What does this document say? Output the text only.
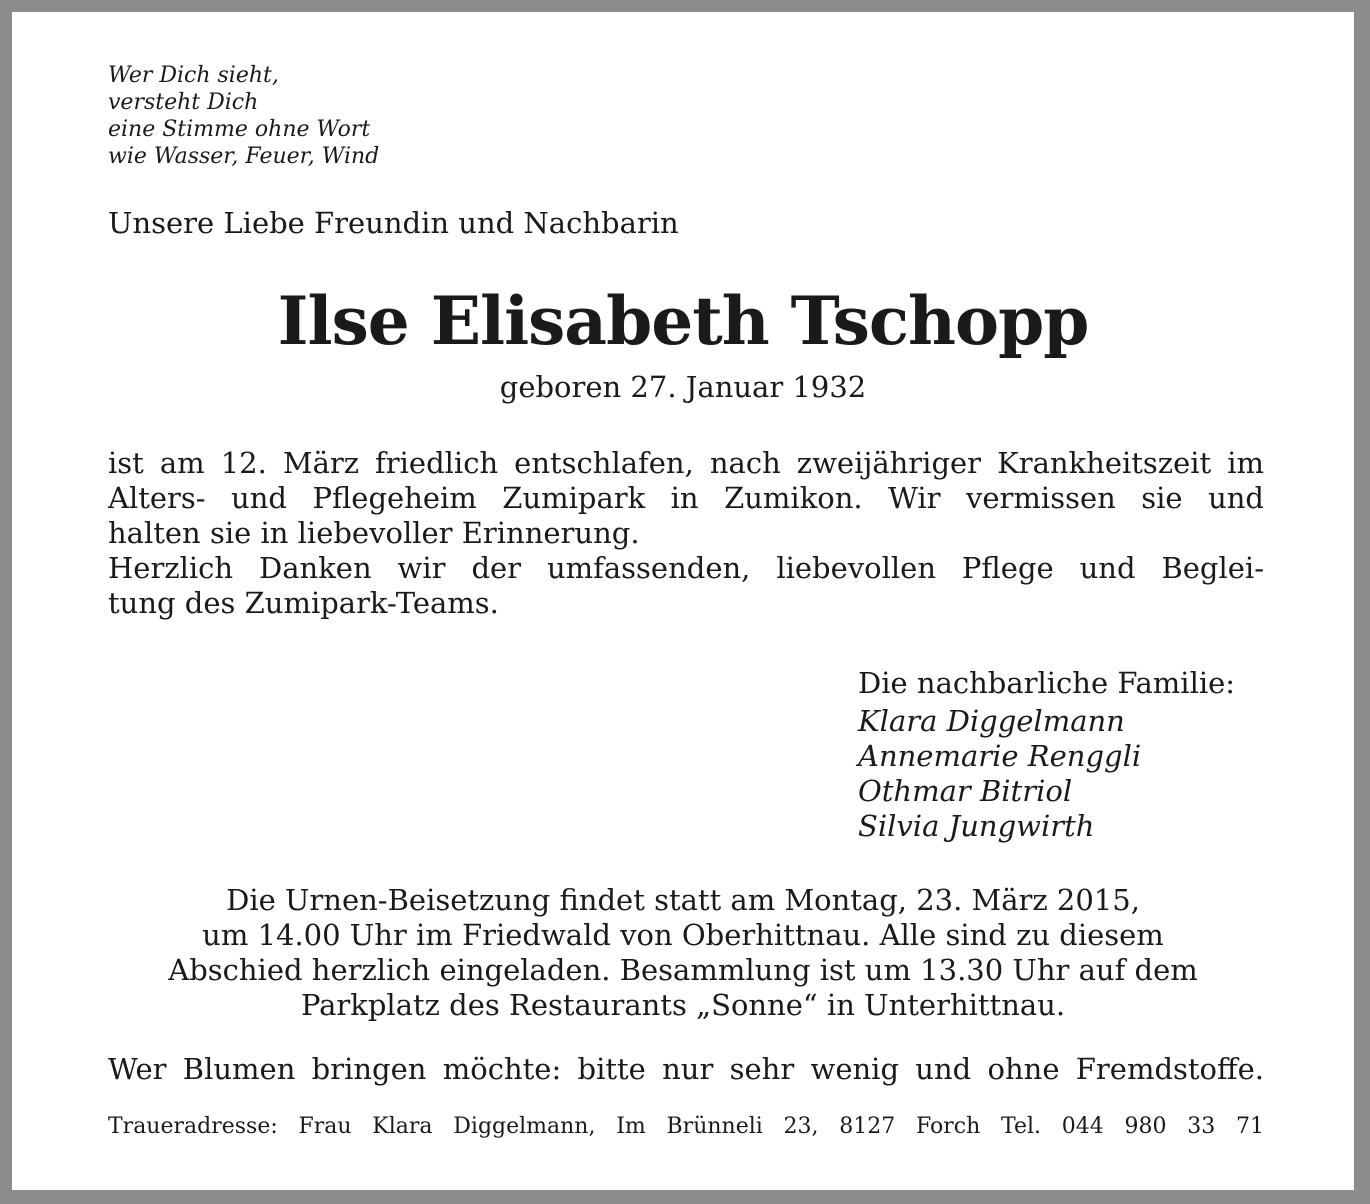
Wer Dich sieht,
versteht Dich
eine Stimme ohne Wort
wie Wasser, Feuer, Wind
Unsere Liebe Freundin und Nachbarin
Ilse Elisabeth Tschopp
geboren 27. Januar 1932
ist am 12. März friedlich entschlafen, nach zweijähriger Krankheitszeit im
Alters- und Pflegeheim Zumipark in Zumikon. Wir vermissen sie und
halten sie in liebevoller Erinnerung.
Herzlich Danken wir der umfassenden, liebevollen Pflege und Beglei-
tung des Zumipark-Teams.
Die nachbarliche Familie:
Klara Diggelmann
Annemarie Renggli
Othmar Bitriol
Silvia Jungwirth
Die Urnen-Beisetzung findet statt am Montag, 23. März 2015,
um 14.00 Uhr im Friedwald von Oberhittnau. Alle sind zu diesem
Abschied herzlich eingeladen. Besammlung ist um 13.30 Uhr auf dem
Parkplatz des Restaurants „Sonne“ in Unterhittnau.
Wer Blumen bringen möchte: bitte nur sehr wenig und ohne Fremdstoffe.
Traueradresse: Frau Klara Diggelmann, Im Brünneli 23, 8127 Forch Tel. 044 980 33 71
